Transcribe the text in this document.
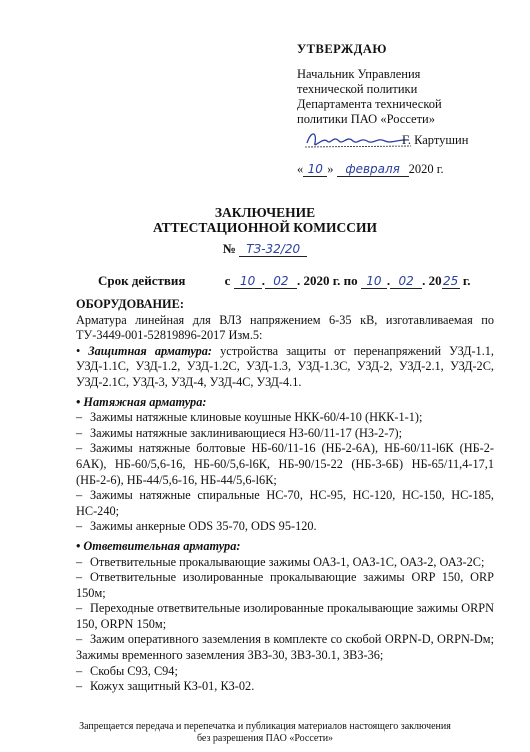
УТВЕРЖДАЮ
Начальник Управления
технической политики
Департамента технической
политики ПАО «Россети»
Г. Картушин
« 10 » февраля 2020 г.
ЗАКЛЮЧЕНИЕ
АТТЕСТАЦИОННОЙ КОМИССИИ
№ ТЗ-32/20
Срок действия	с 10 . 02 . 2020 г. по 10 . 02 . 2025 г.

ОБОРУДОВАНИЕ:

Арматура линейная для ВЛЗ напряжением 6-35 кВ, изготавливаемая по ТУ-3449-001-52819896-2017 Изм.5:

• Защитная арматура: устройства защиты от перенапряжений УЗД-1.1, УЗД-1.1С, УЗД-1.2, УЗД-1.2С, УЗД-1.3, УЗД-1.3С, УЗД-2, УЗД-2.1, УЗД-2С, УЗД-2.1С, УЗД-3, УЗД-4, УЗД-4С, УЗД-4.1.

• Натяжная арматура:

– Зажимы натяжные клиновые коушные НКК-60/4-10 (НКК-1-1);

– Зажимы натяжные заклинивающиеся НЗ-60/11-17 (НЗ-2-7);

– Зажимы натяжные болтовые НБ-60/11-16 (НБ-2-6А), НБ-60/11-l6К (НБ-2-6АК), НБ-60/5,6-16, НБ-60/5,6-l6К, НБ-90/15-22 (НБ-3-6Б) НБ-65/11,4-17,1 (НБ-2-6), НБ-44/5,6-16, НБ-44/5,6-l6К;

– Зажимы натяжные спиральные НС-70, НС-95, НС-120, НС-150, НС-185, НС-240;

– Зажимы анкерные ODS 35-70, ODS 95-120.

• Ответвительная арматура:

– Ответвительные прокалывающие зажимы ОАЗ-1, ОАЗ-1С, ОАЗ-2, ОАЗ-2С;

– Ответвительные изолированные прокалывающие зажимы ORP 150, ORP 150м;

– Переходные ответвительные изолированные прокалывающие зажимы ORPN 150, ORPN 150м;

– Зажим оперативного заземления в комплекте со скобой ORPN-D, ORPN-Dм; Зажимы временного заземления ЗВЗ-30, ЗВЗ-30.1, ЗВЗ-36;

– Скобы С93, С94;

– Кожух защитный КЗ-01, КЗ-02.

Запрещается передача и перепечатка и публикация материалов настоящего заключения
без разрешения ПАО «Россети»
